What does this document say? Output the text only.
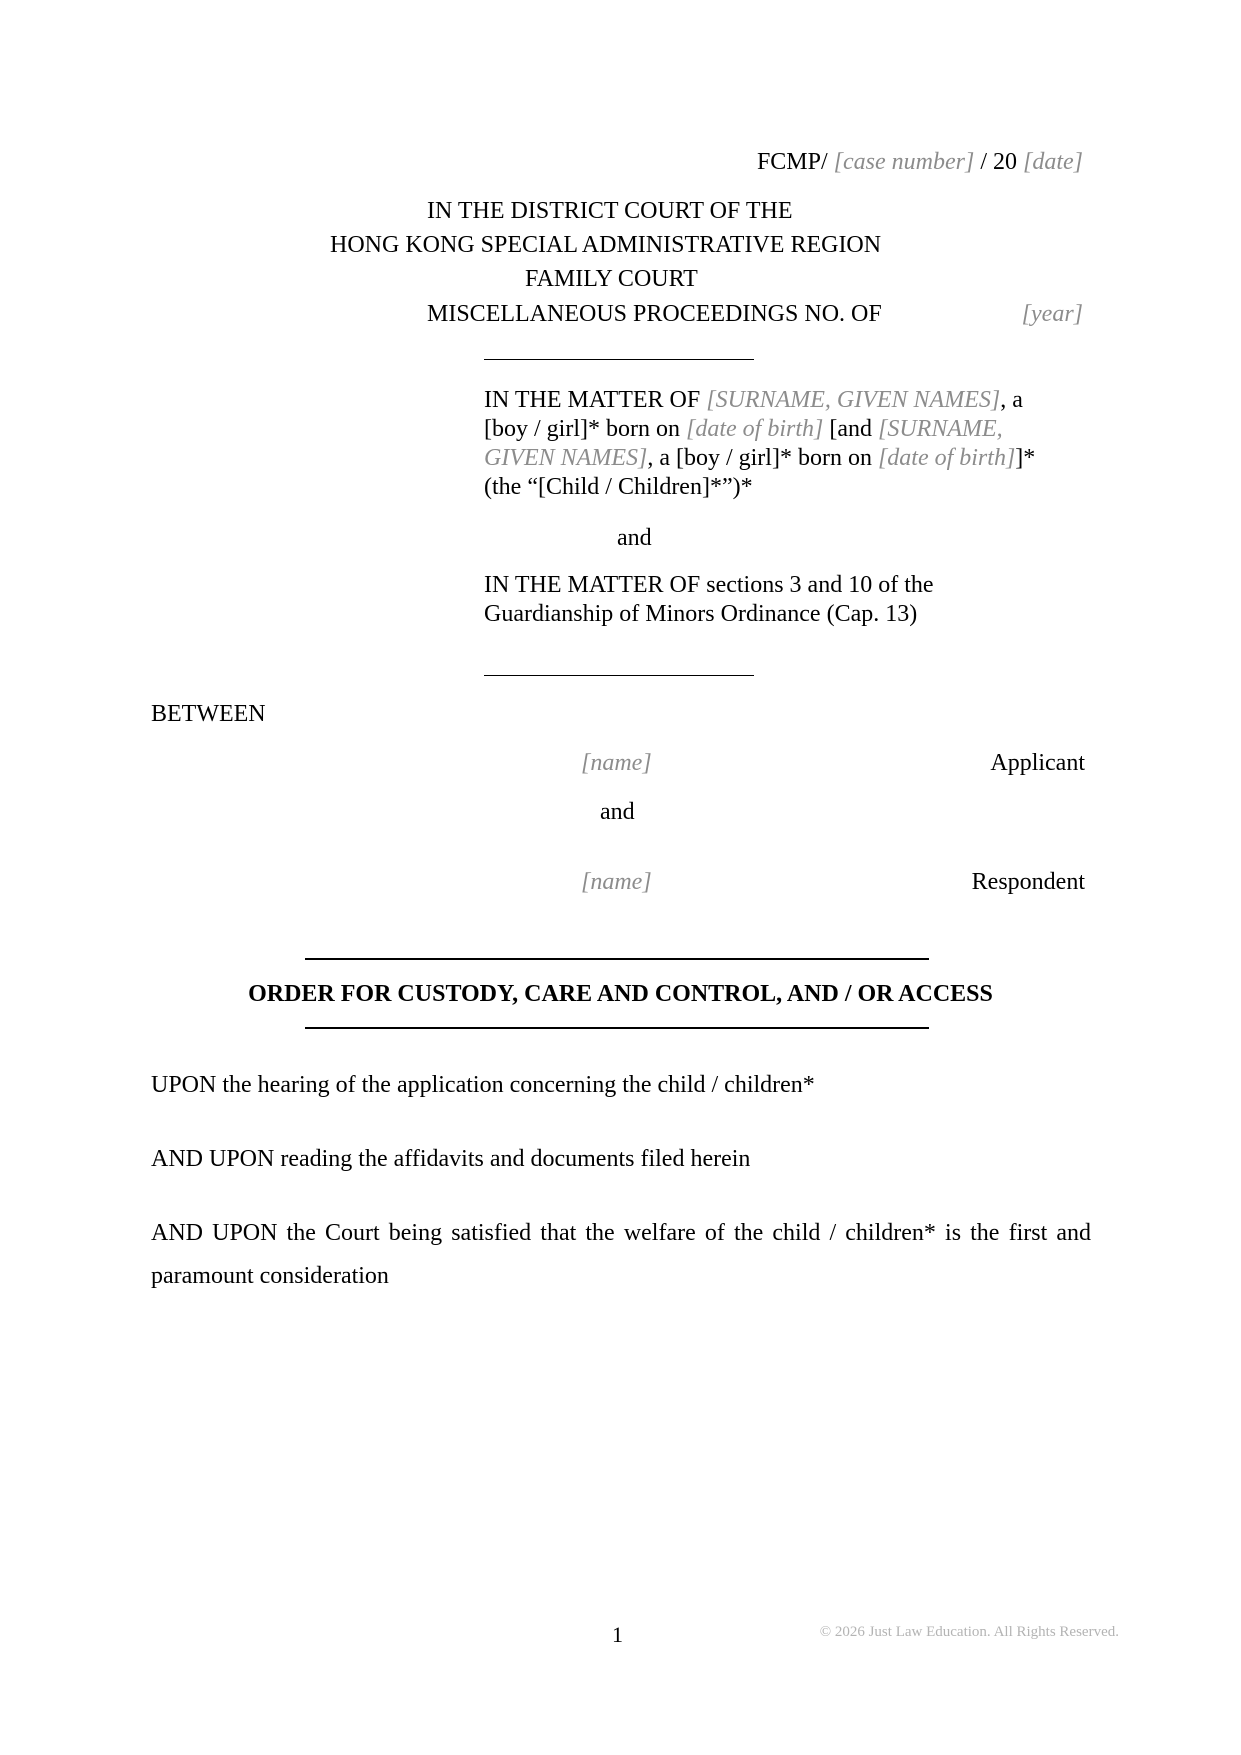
FCMP/ [case number] / 20 [date]
IN THE DISTRICT COURT OF THE
HONG KONG SPECIAL ADMINISTRATIVE REGION
FAMILY COURT
MISCELLANEOUS PROCEEDINGS NO. OF	[year]
IN THE MATTER OF [SURNAME, GIVEN NAMES], a
[boy / girl]* born on [date of birth] [and [SURNAME,
GIVEN NAMES], a [boy / girl]* born on [date of birth]]*
(the “[Child / Children]*”)*
and
IN THE MATTER OF sections 3 and 10 of the
Guardianship of Minors Ordinance (Cap. 13)
BETWEEN
[name]	Applicant
and
[name]	Respondent
ORDER FOR CUSTODY, CARE AND CONTROL, AND / OR ACCESS
UPON the hearing of the application concerning the child / children*
AND UPON reading the affidavits and documents filed herein
AND UPON the Court being satisfied that the welfare of the child / children* is the first and paramount consideration
1	© 2026 Just Law Education. All Rights Reserved.
